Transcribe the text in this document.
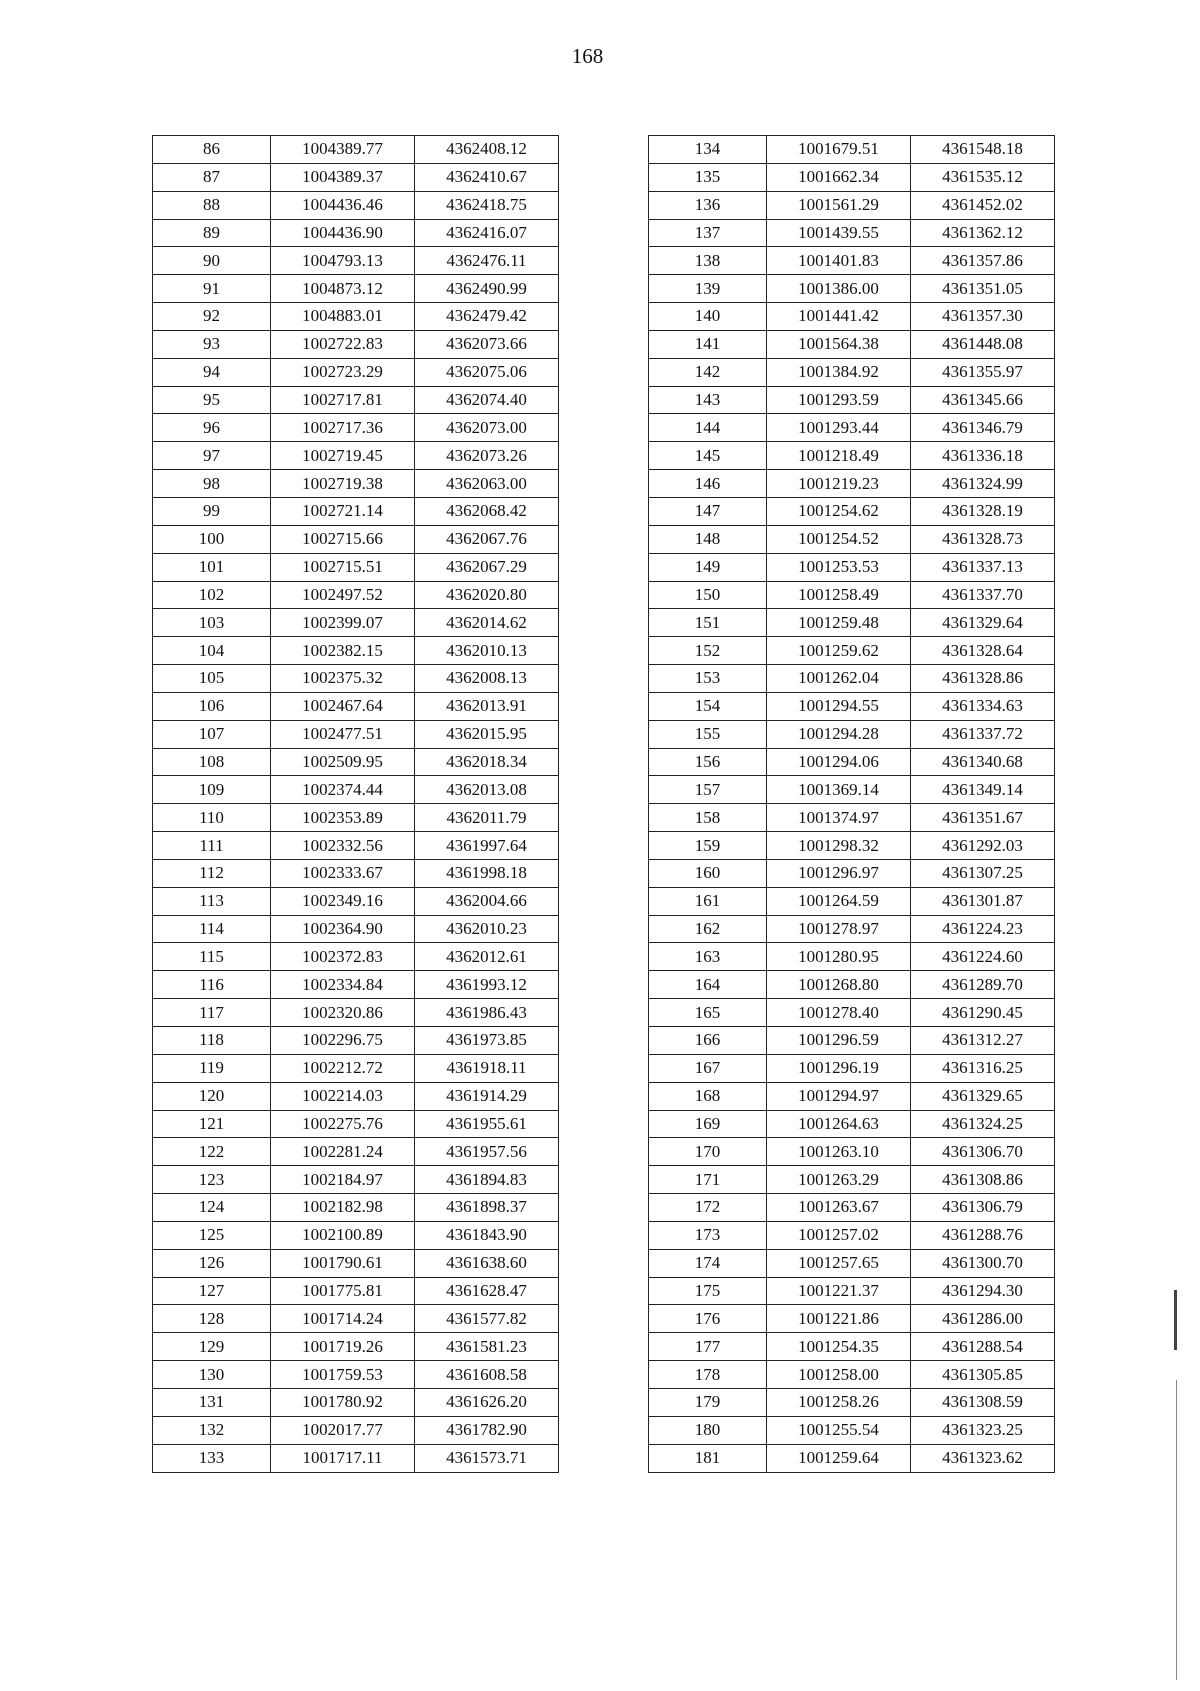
168
86	1004389.77	4362408.12
87	1004389.37	4362410.67
88	1004436.46	4362418.75
89	1004436.90	4362416.07
90	1004793.13	4362476.11
91	1004873.12	4362490.99
92	1004883.01	4362479.42
93	1002722.83	4362073.66
94	1002723.29	4362075.06
95	1002717.81	4362074.40
96	1002717.36	4362073.00
97	1002719.45	4362073.26
98	1002719.38	4362063.00
99	1002721.14	4362068.42
100	1002715.66	4362067.76
101	1002715.51	4362067.29
102	1002497.52	4362020.80
103	1002399.07	4362014.62
104	1002382.15	4362010.13
105	1002375.32	4362008.13
106	1002467.64	4362013.91
107	1002477.51	4362015.95
108	1002509.95	4362018.34
109	1002374.44	4362013.08
110	1002353.89	4362011.79
111	1002332.56	4361997.64
112	1002333.67	4361998.18
113	1002349.16	4362004.66
114	1002364.90	4362010.23
115	1002372.83	4362012.61
116	1002334.84	4361993.12
117	1002320.86	4361986.43
118	1002296.75	4361973.85
119	1002212.72	4361918.11
120	1002214.03	4361914.29
121	1002275.76	4361955.61
122	1002281.24	4361957.56
123	1002184.97	4361894.83
124	1002182.98	4361898.37
125	1002100.89	4361843.90
126	1001790.61	4361638.60
127	1001775.81	4361628.47
128	1001714.24	4361577.82
129	1001719.26	4361581.23
130	1001759.53	4361608.58
131	1001780.92	4361626.20
132	1002017.77	4361782.90
133	1001717.11	4361573.71
134	1001679.51	4361548.18
135	1001662.34	4361535.12
136	1001561.29	4361452.02
137	1001439.55	4361362.12
138	1001401.83	4361357.86
139	1001386.00	4361351.05
140	1001441.42	4361357.30
141	1001564.38	4361448.08
142	1001384.92	4361355.97
143	1001293.59	4361345.66
144	1001293.44	4361346.79
145	1001218.49	4361336.18
146	1001219.23	4361324.99
147	1001254.62	4361328.19
148	1001254.52	4361328.73
149	1001253.53	4361337.13
150	1001258.49	4361337.70
151	1001259.48	4361329.64
152	1001259.62	4361328.64
153	1001262.04	4361328.86
154	1001294.55	4361334.63
155	1001294.28	4361337.72
156	1001294.06	4361340.68
157	1001369.14	4361349.14
158	1001374.97	4361351.67
159	1001298.32	4361292.03
160	1001296.97	4361307.25
161	1001264.59	4361301.87
162	1001278.97	4361224.23
163	1001280.95	4361224.60
164	1001268.80	4361289.70
165	1001278.40	4361290.45
166	1001296.59	4361312.27
167	1001296.19	4361316.25
168	1001294.97	4361329.65
169	1001264.63	4361324.25
170	1001263.10	4361306.70
171	1001263.29	4361308.86
172	1001263.67	4361306.79
173	1001257.02	4361288.76
174	1001257.65	4361300.70
175	1001221.37	4361294.30
176	1001221.86	4361286.00
177	1001254.35	4361288.54
178	1001258.00	4361305.85
179	1001258.26	4361308.59
180	1001255.54	4361323.25
181	1001259.64	4361323.62
